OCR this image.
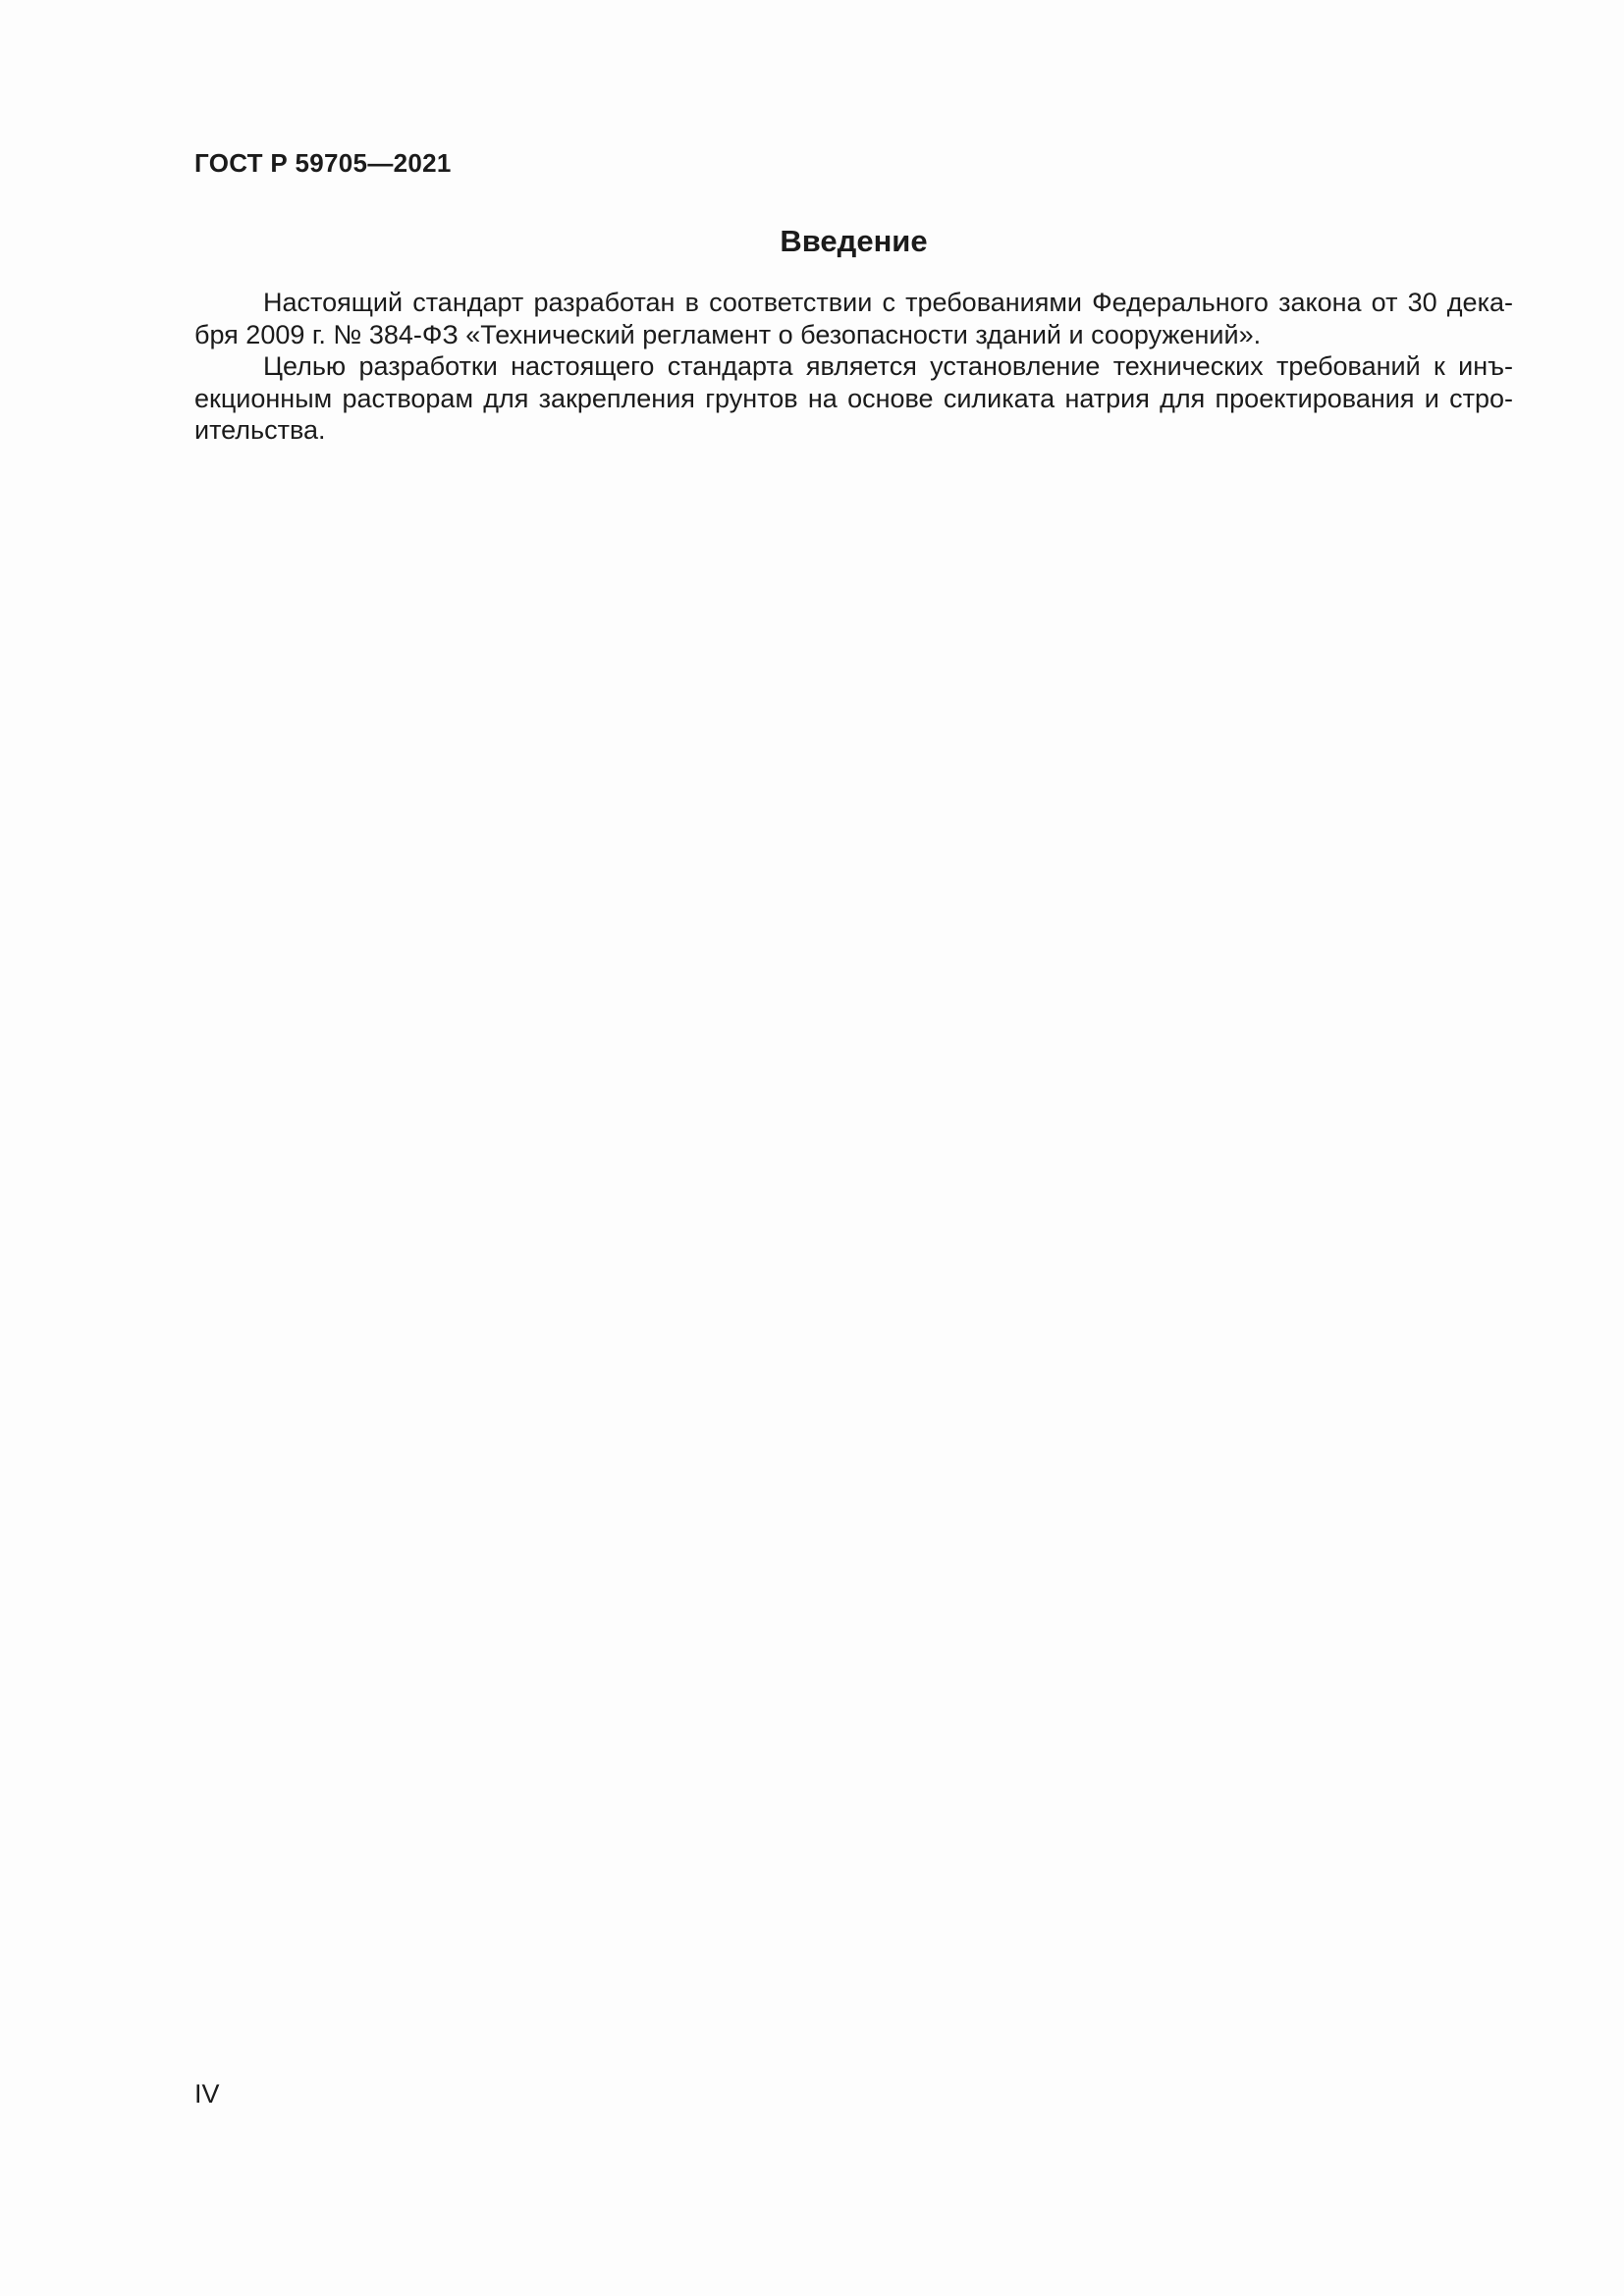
ГОСТ Р 59705—2021
Введение
Настоящий стандарт разработан в соответствии с требованиями Федерального закона от 30 дека-
бря 2009 г. № 384-ФЗ «Технический регламент о безопасности зданий и сооружений».
Целью разработки настоящего стандарта является установление технических требований к инъ-
екционным растворам для закрепления грунтов на основе силиката натрия для проектирования и стро-
ительства.
IV
